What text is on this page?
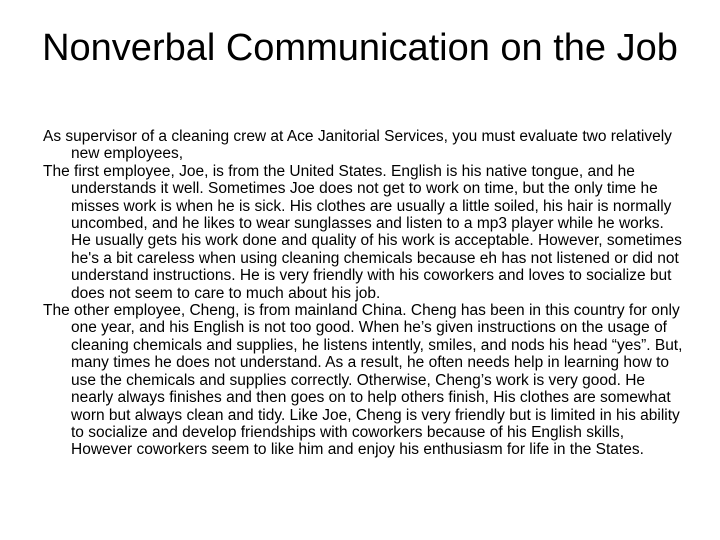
Nonverbal Communication on the Job

As supervisor of a cleaning crew at Ace Janitorial Services, you must evaluate two relatively new employees,

The first employee, Joe, is from the United States. English is his native tongue, and he understands it well. Sometimes Joe does not get to work on time, but the only time he misses work is when he is sick. His clothes are usually a little soiled, his hair is normally uncombed, and he likes to wear sunglasses and listen to a mp3 player while he works. He usually gets his work done and quality of his work is acceptable. However, sometimes he's a bit careless when using cleaning chemicals because eh has not listened or did not understand instructions. He is very friendly with his coworkers and loves to socialize but does not seem to care to much about his job.

The other employee, Cheng, is from mainland China. Cheng has been in this country for only one year, and his English is not too good. When he’s given instructions on the usage of cleaning chemicals and supplies, he listens intently, smiles, and nods his head “yes”. But, many times he does not understand. As a result, he often needs help in learning how to use the chemicals and supplies correctly. Otherwise, Cheng’s work is very good. He nearly always finishes and then goes on to help others finish, His clothes are somewhat worn but always clean and tidy. Like Joe, Cheng is very friendly but is limited in his ability to socialize and develop friendships with coworkers because of his English skills, However coworkers seem to like him and enjoy his enthusiasm for life in the States.
